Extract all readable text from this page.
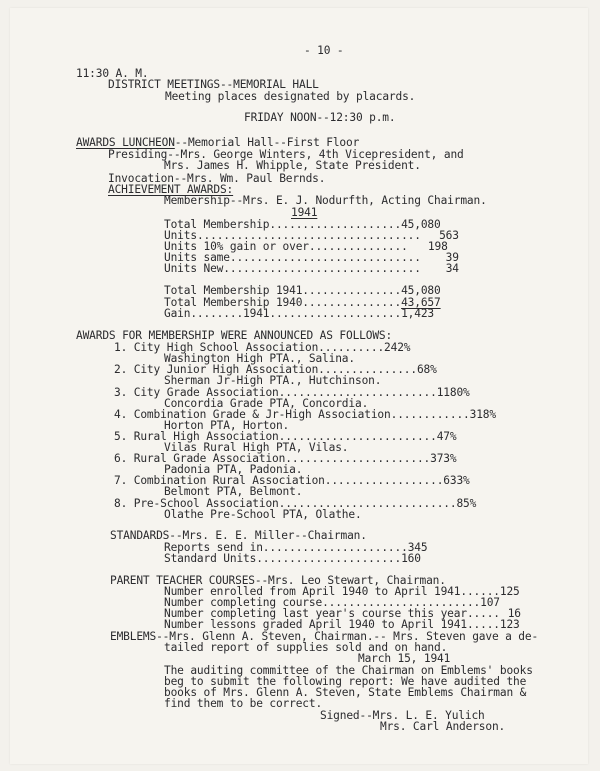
- 10 -
11:30 A. M.
DISTRICT MEETINGS--MEMORIAL HALL
Meeting places designated by placards.
FRIDAY NOON--12:30 p.m.
AWARDS LUNCHEON--Memorial Hall--First Floor
Presiding--Mrs. George Winters, 4th Vicepresident, and
Mrs. James H. Whipple, State President.
Invocation--Mrs. Wm. Paul Bernds.
ACHIEVEMENT AWARDS:
Membership--Mrs. E. J. Nodurfth, Acting Chairman.
1941
Total Membership....................45,080
Units.................................. 563
Units 10% gain or over............... 198
Units same............................. 39
Units New.............................. 34
Total Membership 1941...............45,080
Total Membership 1940...............43,657
Gain........1941....................1,423
AWARDS FOR MEMBERSHIP WERE ANNOUNCED AS FOLLOWS:
1. City High School Association..........242%
Washington High PTA., Salina.
2. City Junior High Association...............68%
Sherman Jr-High PTA., Hutchinson.
3. City Grade Association........................1180%
Concordia Grade PTA, Concordia.
4. Combination Grade & Jr-High Association............318%
Horton PTA, Horton.
5. Rural High Association........................47%
Vilas Rural High PTA, Vilas.
6. Rural Grade Association......................373%
Padonia PTA, Padonia.
7. Combination Rural Association..................633%
Belmont PTA, Belmont.
8. Pre-School Association...........................85%
Olathe Pre-School PTA, Olathe.
STANDARDS--Mrs. E. E. Miller--Chairman.
Reports send in......................345
Standard Units......................160
PARENT TEACHER COURSES--Mrs. Leo Stewart, Chairman.
Number enrolled from April 1940 to April 1941......125
Number completing course........................107
Number completing last year's course this year..... 16
Number lessons graded April 1940 to April 1941.....123
EMBLEMS--Mrs. Glenn A. Steven, Chairman.-- Mrs. Steven gave a de-
tailed report of supplies sold and on hand.
March 15, 1941
The auditing committee of the Chairman on Emblems' books
beg to submit the following report: We have audited the
books of Mrs. Glenn A. Steven, State Emblems Chairman &
find them to be correct.
Signed--Mrs. L. E. Yulich
Mrs. Carl Anderson.
